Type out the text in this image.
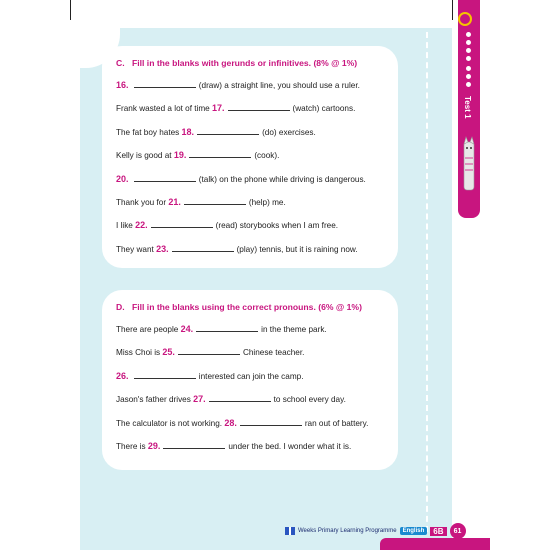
C. Fill in the blanks with gerunds or infinitives. (8% @ 1%)
16.	(draw) a straight line, you should use a ruler.
Frank wasted a lot of time 17.	(watch) cartoons.
The fat boy hates 18.	(do) exercises.
Kelly is good at 19.	(cook).
20.	(talk) on the phone while driving is dangerous.
Thank you for 21.	(help) me.
I like 22.	(read) storybooks when I am free.
They want 23.	(play) tennis, but it is raining now.
D. Fill in the blanks using the correct pronouns. (6% @ 1%)
There are people 24.	in the theme park.
Miss Choi is 25.	Chinese teacher.
26.	interested can join the camp.
Jason's father drives 27.	to school every day.
The calculator is not working. 28.	ran out of battery.
There is 29.	under the bed. I wonder what it is.
Test 1
Weeks Primary Learning Programme	English	6B	61
